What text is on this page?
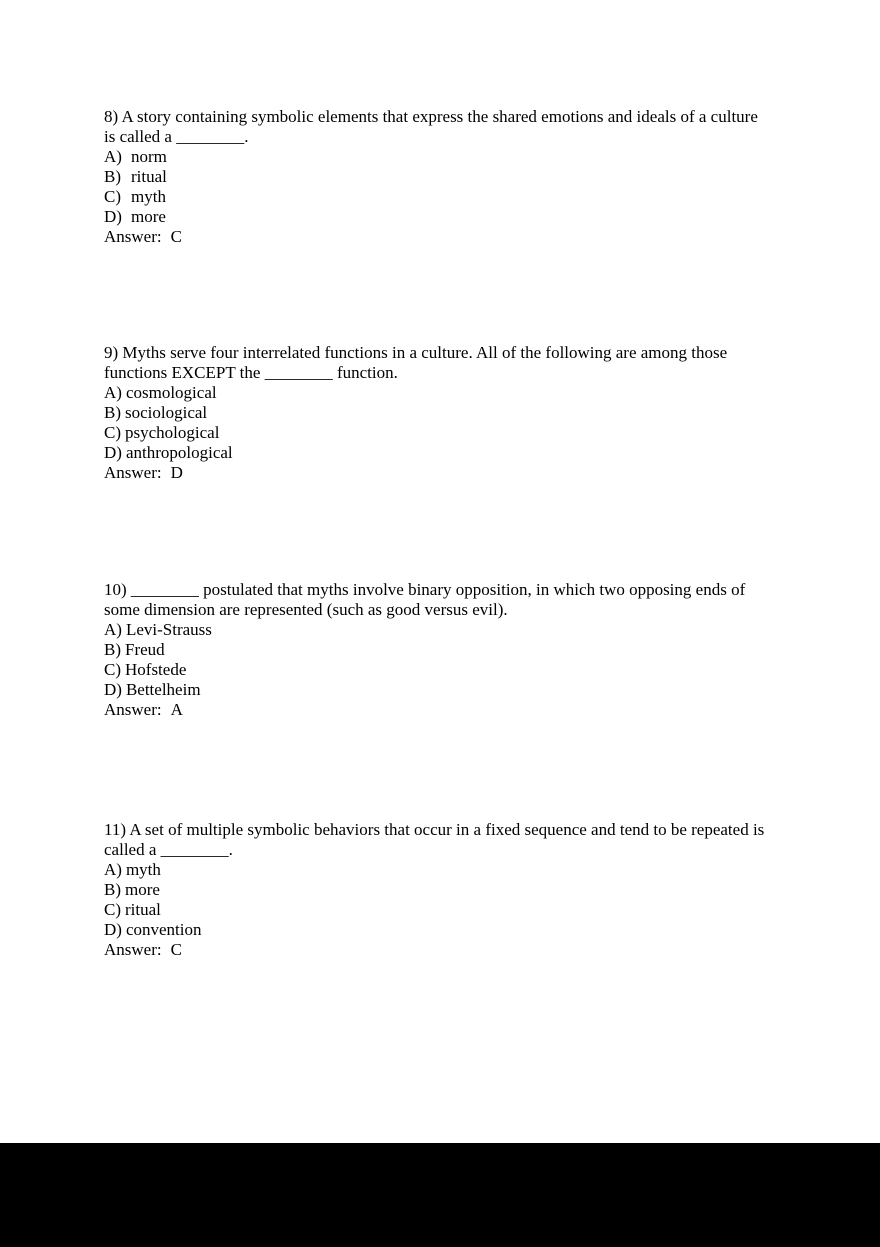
8) A story containing symbolic elements that express the shared emotions and ideals of a culture
is called a ________.
A) norm
B) ritual
C) myth
D) more
Answer: C
9) Myths serve four interrelated functions in a culture. All of the following are among those
functions EXCEPT the ________ function.
A) cosmological
B) sociological
C) psychological
D) anthropological
Answer: D
10) ________ postulated that myths involve binary opposition, in which two opposing ends of
some dimension are represented (such as good versus evil).
A) Levi-Strauss
B) Freud
C) Hofstede
D) Bettelheim
Answer: A
11) A set of multiple symbolic behaviors that occur in a fixed sequence and tend to be repeated is
called a ________.
A) myth
B) more
C) ritual
D) convention
Answer: C
